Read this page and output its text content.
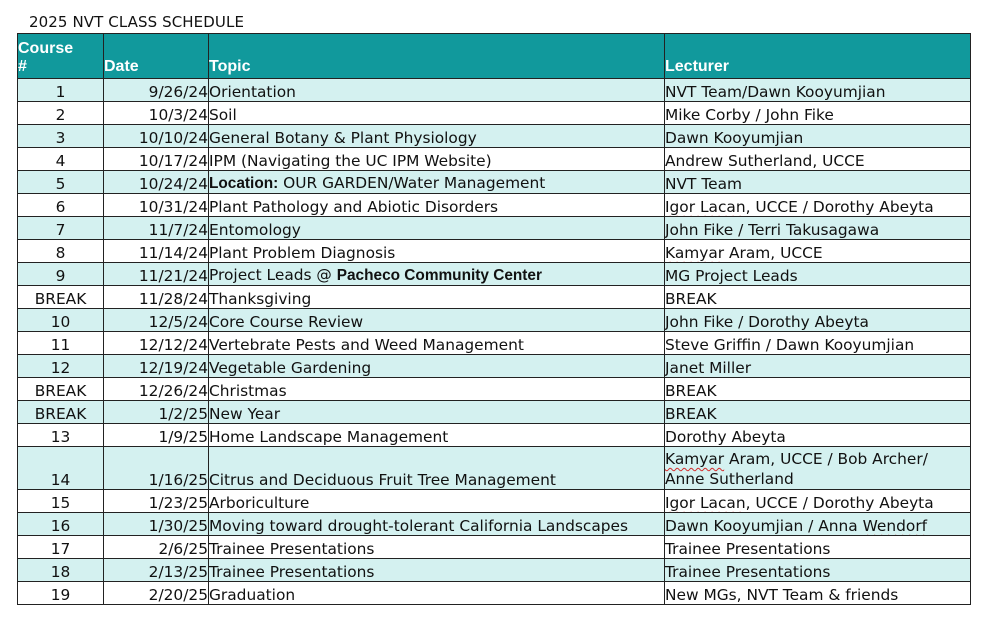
2025 NVT CLASS SCHEDULE
Course
#	Date	Topic	Lecturer
1	9/26/24	Orientation	NVT Team/Dawn Kooyumjian
2	10/3/24	Soil	Mike Corby / John Fike
3	10/10/24	General Botany & Plant Physiology	Dawn Kooyumjian
4	10/17/24	IPM (Navigating the UC IPM Website)	Andrew Sutherland, UCCE
5	10/24/24	Location: OUR GARDEN/Water Management	NVT Team
6	10/31/24	Plant Pathology and Abiotic Disorders	Igor Lacan, UCCE / Dorothy Abeyta
7	11/7/24	Entomology	John Fike / Terri Takusagawa
8	11/14/24	Plant Problem Diagnosis	Kamyar Aram, UCCE
9	11/21/24	Project Leads @ Pacheco Community Center	MG Project Leads
BREAK	11/28/24	Thanksgiving	BREAK
10	12/5/24	Core Course Review	John Fike / Dorothy Abeyta
11	12/12/24	Vertebrate Pests and Weed Management	Steve Griffin / Dawn Kooyumjian
12	12/19/24	Vegetable Gardening	Janet Miller
BREAK	12/26/24	Christmas	BREAK
BREAK	1/2/25	New Year	BREAK
13	1/9/25	Home Landscape Management	Dorothy Abeyta
14	1/16/25	Citrus and Deciduous Fruit Tree Management	Kamyar Aram, UCCE / Bob Archer/
Anne Sutherland
15	1/23/25	Arboriculture	Igor Lacan, UCCE / Dorothy Abeyta
16	1/30/25	Moving toward drought-tolerant California Landscapes	Dawn Kooyumjian / Anna Wendorf
17	2/6/25	Trainee Presentations	Trainee Presentations
18	2/13/25	Trainee Presentations	Trainee Presentations
19	2/20/25	Graduation	New MGs, NVT Team & friends
